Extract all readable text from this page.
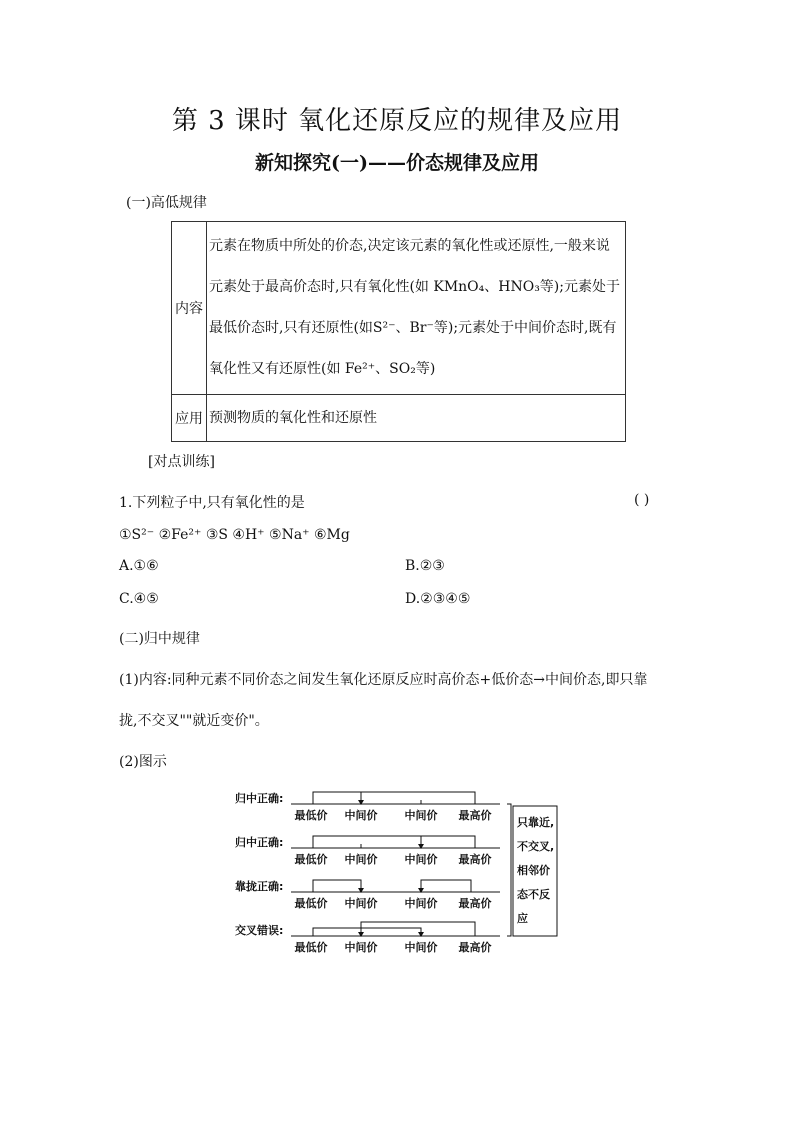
第 3 课时 氧化还原反应的规律及应用
新知探究(一)——价态规律及应用
(一)高低规律
内容	元素在物质中所处的价态,决定该元素的氧化性或还原性,一般来说
元素处于最高价态时,只有氧化性(如 KMnO₄、HNO₃等);元素处于
最低价态时,只有还原性(如S²⁻、Br⁻等);元素处于中间价态时,既有
氧化性又有还原性(如 Fe²⁺、SO₂等)

应用	预测物质的氧化性和还原性
[对点训练]
1.下列粒子中,只有氧化性的是	( )
①S²⁻ ②Fe²⁺ ③S ④H⁺ ⑤Na⁺ ⑥Mg
A.①⑥	B.②③
C.④⑤	D.②③④⑤
(二)归中规律
(1)内容:同种元素不同价态之间发生氧化还原反应时高价态+低价态→中间价态,即只靠
拢,不交叉""就近变价"。
(2)图示
归中正确:
归中正确:
靠拢正确:
交叉错误:
最低价 中间价 中间价 最高价
最低价 中间价 中间价 最高价
最低价 中间价 中间价 最高价
最低价 中间价 中间价 最高价
只靠近,
不交叉,
相邻价
态不反
应
